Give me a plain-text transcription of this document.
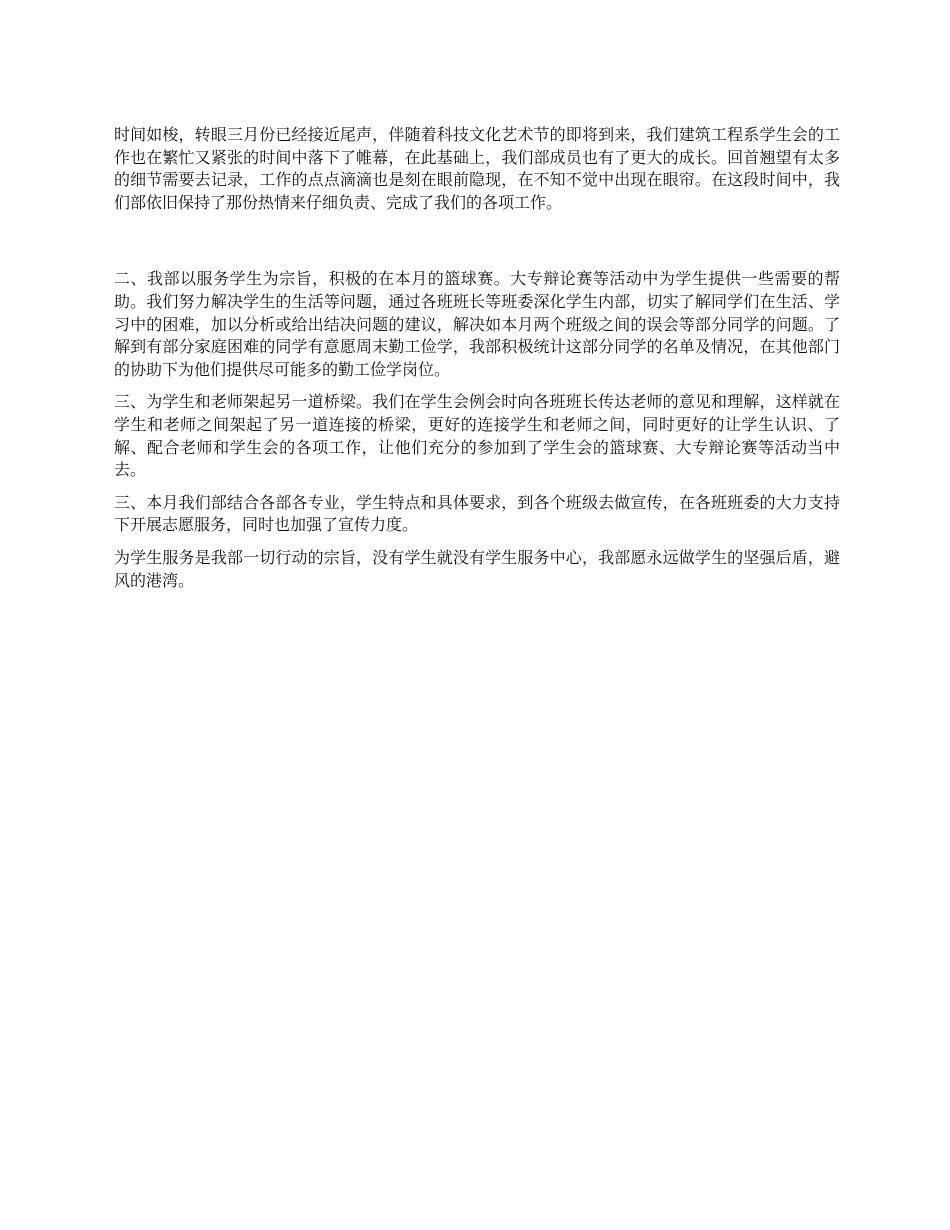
时间如梭，转眼三月份已经接近尾声，伴随着科技文化艺术节的即将到来，我们建筑工程系学生会的工作也在繁忙又紧张的时间中落下了帷幕，在此基础上，我们部成员也有了更大的成长。回首翘望有太多的细节需要去记录，工作的点点滴滴也是刻在眼前隐现，在不知不觉中出现在眼帘。在这段时间中，我们部依旧保持了那份热情来仔细负责、完成了我们的各项工作。

二、我部以服务学生为宗旨，积极的在本月的篮球赛。大专辩论赛等活动中为学生提供一些需要的帮助。我们努力解决学生的生活等问题，通过各班班长等班委深化学生内部，切实了解同学们在生活、学习中的困难，加以分析或给出结决问题的建议，解决如本月两个班级之间的误会等部分同学的问题。了解到有部分家庭困难的同学有意愿周末勤工俭学，我部积极统计这部分同学的名单及情况，在其他部门的协助下为他们提供尽可能多的勤工俭学岗位。

三、为学生和老师架起另一道桥梁。我们在学生会例会时向各班班长传达老师的意见和理解，这样就在学生和老师之间架起了另一道连接的桥梁，更好的连接学生和老师之间，同时更好的让学生认识、了解、配合老师和学生会的各项工作，让他们充分的参加到了学生会的篮球赛、大专辩论赛等活动当中去。

三、本月我们部结合各部各专业，学生特点和具体要求，到各个班级去做宣传，在各班班委的大力支持下开展志愿服务，同时也加强了宣传力度。

为学生服务是我部一切行动的宗旨，没有学生就没有学生服务中心，我部愿永远做学生的坚强后盾，避风的港湾。
